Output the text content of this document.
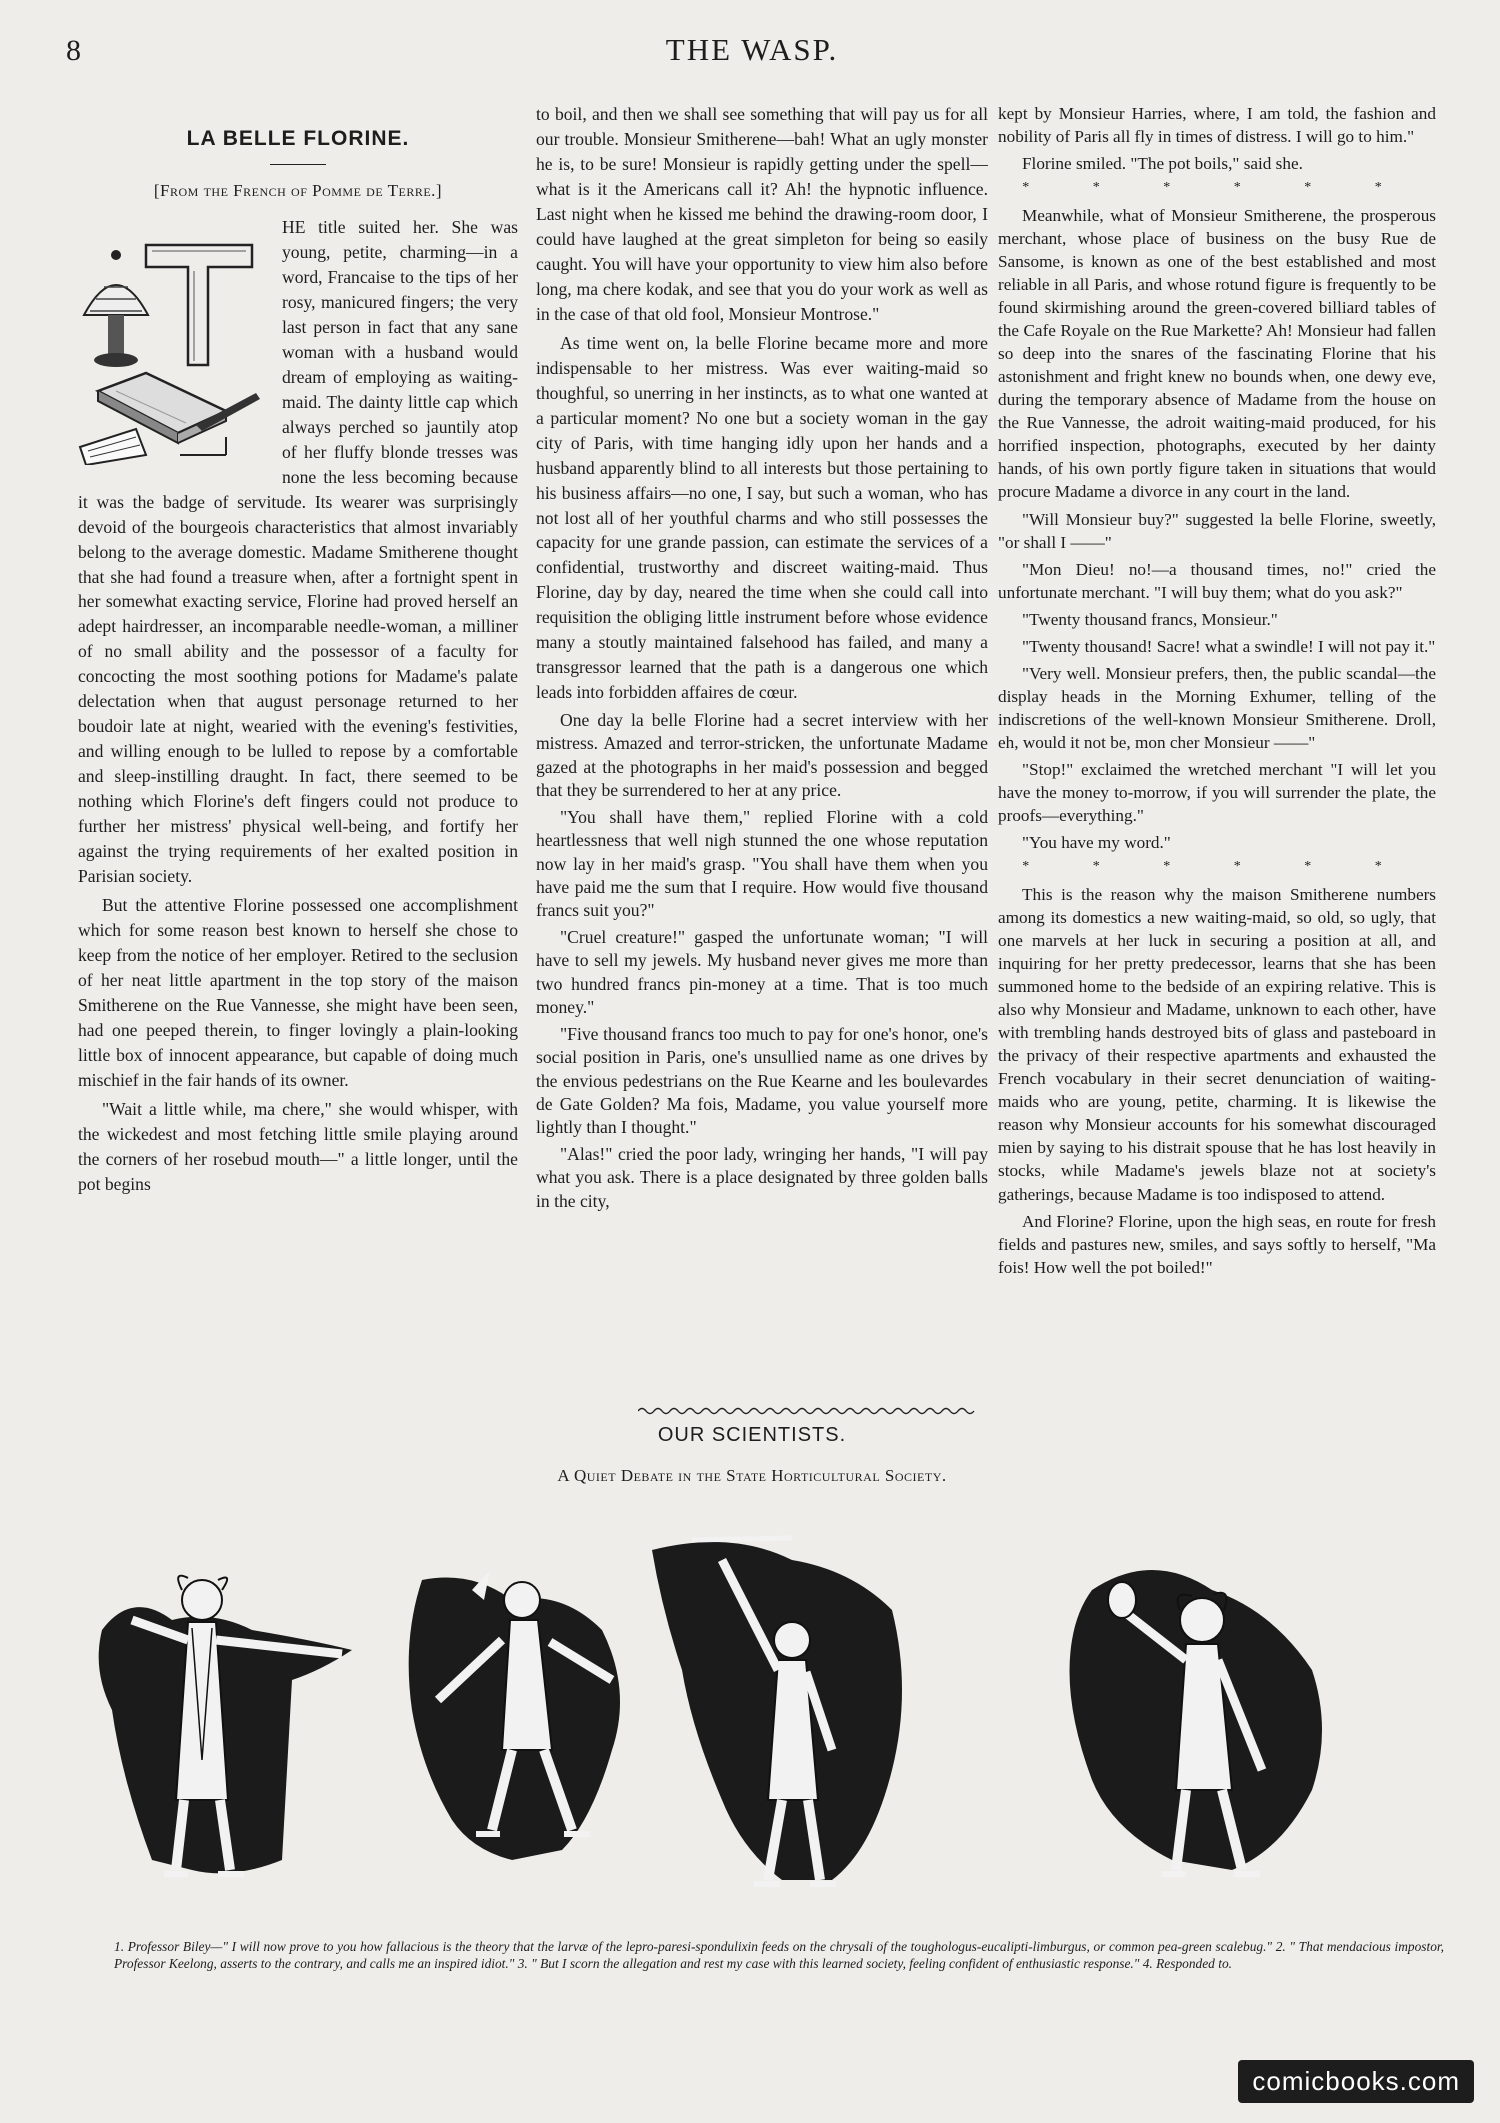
8	THE WASP.
LA BELLE FLORINE.
[From the French of Pomme de Terre.]

HE title suited her. She was young, petite, charming—in a word, Francaise to the tips of her rosy, manicured fingers; the very last person in fact that any sane woman with a husband would dream of employing as waiting-maid. The dainty little cap which always perched so jauntily atop of her fluffy blonde tresses was none the less becoming because it was the badge of servitude. Its wearer was surprisingly devoid of the bourgeois characteristics that almost invariably belong to the average domestic. Madame Smitherene thought that she had found a treasure when, after a fortnight spent in her somewhat exacting service, Florine had proved herself an adept hairdresser, an incomparable needle-woman, a milliner of no small ability and the possessor of a faculty for concocting the most soothing potions for Madame's palate delectation when that august personage returned to her boudoir late at night, wearied with the evening's festivities, and willing enough to be lulled to repose by a comfortable and sleep-instilling draught. In fact, there seemed to be nothing which Florine's deft fingers could not produce to further her mistress' physical well-being, and fortify her against the trying requirements of her exalted position in Parisian society.

But the attentive Florine possessed one accomplishment which for some reason best known to herself she chose to keep from the notice of her employer. Retired to the seclusion of her neat little apartment in the top story of the maison Smitherene on the Rue Vannesse, she might have been seen, had one peeped therein, to finger lovingly a plain-looking little box of innocent appearance, but capable of doing much mischief in the fair hands of its owner.

"Wait a little while, ma chere," she would whisper, with the wickedest and most fetching little smile playing around the corners of her rosebud mouth—" a little longer, until the pot begins

to boil, and then we shall see something that will pay us for all our trouble. Monsieur Smitherene—bah! What an ugly monster he is, to be sure! Monsieur is rapidly getting under the spell—what is it the Americans call it? Ah! the hypnotic influence. Last night when he kissed me behind the drawing-room door, I could have laughed at the great simpleton for being so easily caught. You will have your opportunity to view him also before long, ma chere kodak, and see that you do your work as well as in the case of that old fool, Monsieur Montrose."

As time went on, la belle Florine became more and more indispensable to her mistress. Was ever waiting-maid so thoughful, so unerring in her instincts, as to what one wanted at a particular moment? No one but a society woman in the gay city of Paris, with time hanging idly upon her hands and a husband apparently blind to all interests but those pertaining to his business affairs—no one, I say, but such a woman, who has not lost all of her youthful charms and who still possesses the capacity for une grande passion, can estimate the services of a confidential, trustworthy and discreet waiting-maid. Thus Florine, day by day, neared the time when she could call into requisition the obliging little instrument before whose evidence many a stoutly maintained falsehood has failed, and many a transgressor learned that the path is a dangerous one which leads into forbidden affaires de cœur.

One day la belle Florine had a secret interview with her mistress. Amazed and terror-stricken, the unfortunate Madame gazed at the photographs in her maid's possession and begged that they be surrendered to her at any price.

"You shall have them," replied Florine with a cold heartlessness that well nigh stunned the one whose reputation now lay in her maid's grasp. "You shall have them when you have paid me the sum that I require. How would five thousand francs suit you?"

"Cruel creature!" gasped the unfortunate woman; "I will have to sell my jewels. My husband never gives me more than two hundred francs pin-money at a time. That is too much money."

"Five thousand francs too much to pay for one's honor, one's social position in Paris, one's unsullied name as one drives by the envious pedestrians on the Rue Kearne and les boulevardes de Gate Golden? Ma fois, Madame, you value yourself more lightly than I thought."

"Alas!" cried the poor lady, wringing her hands, "I will pay what you ask. There is a place designated by three golden balls in the city,

kept by Monsieur Harries, where, I am told, the fashion and nobility of Paris all fly in times of distress. I will go to him."

Florine smiled. "The pot boils," said she.

* * * * * *

Meanwhile, what of Monsieur Smitherene, the prosperous merchant, whose place of business on the busy Rue de Sansome, is known as one of the best established and most reliable in all Paris, and whose rotund figure is frequently to be found skirmishing around the green-covered billiard tables of the Cafe Royale on the Rue Markette? Ah! Monsieur had fallen so deep into the snares of the fascinating Florine that his astonishment and fright knew no bounds when, one dewy eve, during the temporary absence of Madame from the house on the Rue Vannesse, the adroit waiting-maid produced, for his horrified inspection, photographs, executed by her dainty hands, of his own portly figure taken in situations that would procure Madame a divorce in any court in the land.

"Will Monsieur buy?" suggested la belle Florine, sweetly, "or shall I ——"

"Mon Dieu! no!—a thousand times, no!" cried the unfortunate merchant. "I will buy them; what do you ask?"

"Twenty thousand francs, Monsieur."

"Twenty thousand! Sacre! what a swindle! I will not pay it."

"Very well. Monsieur prefers, then, the public scandal—the display heads in the Morning Exhumer, telling of the indiscretions of the well-known Monsieur Smitherene. Droll, eh, would it not be, mon cher Monsieur ——"

"Stop!" exclaimed the wretched merchant "I will let you have the money to-morrow, if you will surrender the plate, the proofs—everything."

"You have my word."

* * * * * *

This is the reason why the maison Smitherene numbers among its domestics a new waiting-maid, so old, so ugly, that one marvels at her luck in securing a position at all, and inquiring for her pretty predecessor, learns that she has been summoned home to the bedside of an expiring relative. This is also why Monsieur and Madame, unknown to each other, have with trembling hands destroyed bits of glass and pasteboard in the privacy of their respective apartments and exhausted the French vocabulary in their secret denunciation of waiting-maids who are young, petite, charming. It is likewise the reason why Monsieur accounts for his somewhat discouraged mien by saying to his distrait spouse that he has lost heavily in stocks, while Madame's jewels blaze not at society's gatherings, because Madame is too indisposed to attend.

And Florine? Florine, upon the high seas, en route for fresh fields and pastures new, smiles, and says softly to herself, "Ma fois! How well the pot boiled!"

OUR SCIENTISTS.
A Quiet Debate in the State Horticultural Society.
1. Professor Biley—" I will now prove to you how fallacious is the theory that the larvæ of the lepro-paresi-spondulixin feeds on the chrysali of the toughologus-eucalipti-limburgus, or common pea-green scalebug." 2. " That mendacious impostor, Professor Keelong, asserts to the contrary, and calls me an inspired idiot." 3. " But I scorn the allegation and rest my case with this learned society, feeling confident of enthusiastic response." 4. Responded to.
comicbooks.com
